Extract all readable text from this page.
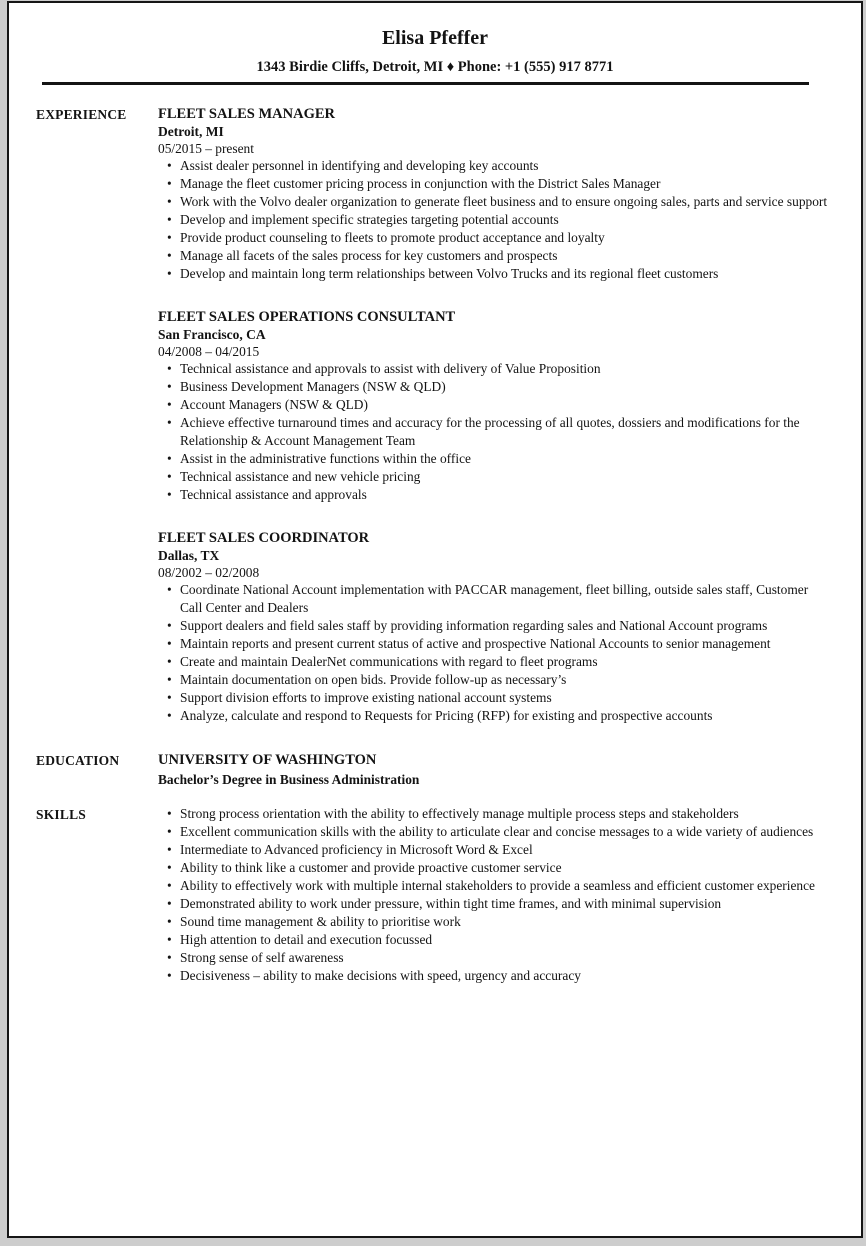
Elisa Pfeffer
1343 Birdie Cliffs, Detroit, MI ♦ Phone: +1 (555) 917 8771
EXPERIENCE	FLEET SALES MANAGER
Detroit, MI
05/2015 – present
• Assist dealer personnel in identifying and developing key accounts
• Manage the fleet customer pricing process in conjunction with the District Sales Manager
• Work with the Volvo dealer organization to generate fleet business and to ensure ongoing sales, parts and service support
• Develop and implement specific strategies targeting potential accounts
• Provide product counseling to fleets to promote product acceptance and loyalty
• Manage all facets of the sales process for key customers and prospects
• Develop and maintain long term relationships between Volvo Trucks and its regional fleet customers
FLEET SALES OPERATIONS CONSULTANT
San Francisco, CA
04/2008 – 04/2015
• Technical assistance and approvals to assist with delivery of Value Proposition
• Business Development Managers (NSW & QLD)
• Account Managers (NSW & QLD)
• Achieve effective turnaround times and accuracy for the processing of all quotes, dossiers and modifications for the Relationship & Account Management Team
• Assist in the administrative functions within the office
• Technical assistance and new vehicle pricing
• Technical assistance and approvals
FLEET SALES COORDINATOR
Dallas, TX
08/2002 – 02/2008
• Coordinate National Account implementation with PACCAR management, fleet billing, outside sales staff, Customer Call Center and Dealers
• Support dealers and field sales staff by providing information regarding sales and National Account programs
• Maintain reports and present current status of active and prospective National Accounts to senior management
• Create and maintain DealerNet communications with regard to fleet programs
• Maintain documentation on open bids. Provide follow-up as necessary’s
• Support division efforts to improve existing national account systems
• Analyze, calculate and respond to Requests for Pricing (RFP) for existing and prospective accounts
EDUCATION	UNIVERSITY OF WASHINGTON
Bachelor’s Degree in Business Administration
SKILLS	• Strong process orientation with the ability to effectively manage multiple process steps and stakeholders
• Excellent communication skills with the ability to articulate clear and concise messages to a wide variety of audiences
• Intermediate to Advanced proficiency in Microsoft Word & Excel
• Ability to think like a customer and provide proactive customer service
• Ability to effectively work with multiple internal stakeholders to provide a seamless and efficient customer experience
• Demonstrated ability to work under pressure, within tight time frames, and with minimal supervision
• Sound time management & ability to prioritise work
• High attention to detail and execution focussed
• Strong sense of self awareness
• Decisiveness – ability to make decisions with speed, urgency and accuracy
